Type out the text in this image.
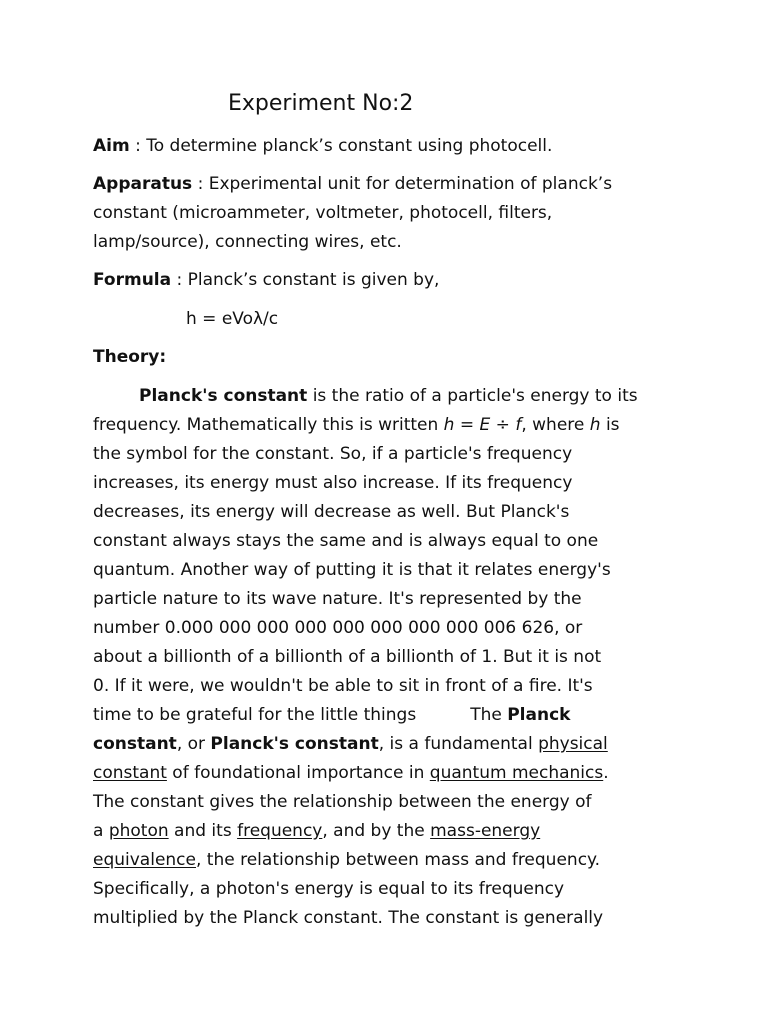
Experiment No:2

Aim : To determine planck’s constant using photocell.

Apparatus : Experimental unit for determination of planck’s
constant (microammeter, voltmeter, photocell, filters,
lamp/source), connecting wires, etc.

Formula : Planck’s constant is given by,

h = eVoλ/c

Theory:

Planck's constant is the ratio of a particle's energy to its
frequency. Mathematically this is written h = E ÷ f, where h is
the symbol for the constant. So, if a particle's frequency
increases, its energy must also increase. If its frequency
decreases, its energy will decrease as well. But Planck's
constant always stays the same and is always equal to one
quantum. Another way of putting it is that it relates energy's
particle nature to its wave nature. It's represented by the
number 0.000 000 000 000 000 000 000 000 006 626, or
about a billionth of a billionth of a billionth of 1. But it is not
0. If it were, we wouldn't be able to sit in front of a fire. It's
time to be grateful for the little things	The Planck
constant, or Planck's constant, is a fundamental physical
constant of foundational importance in quantum mechanics.
The constant gives the relationship between the energy of
a photon and its frequency, and by the mass-energy
equivalence, the relationship between mass and frequency.
Specifically, a photon's energy is equal to its frequency
multiplied by the Planck constant. The constant is generally
